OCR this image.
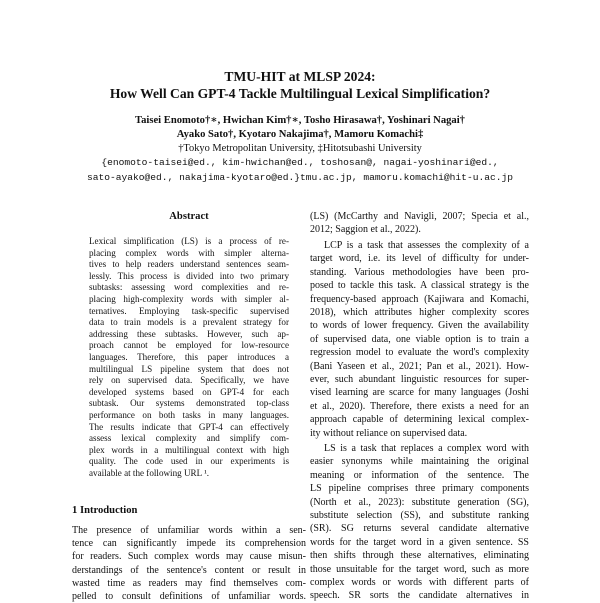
TMU-HIT at MLSP 2024:
How Well Can GPT-4 Tackle Multilingual Lexical Simplification?
Taisei Enomoto†∗, Hwichan Kim†∗, Tosho Hirasawa†, Yoshinari Nagai†
Ayako Sato†, Kyotaro Nakajima†, Mamoru Komachi‡
†Tokyo Metropolitan University, ‡Hitotsubashi University
{enomoto-taisei@ed., kim-hwichan@ed., toshosan@, nagai-yoshinari@ed.,
sato-ayako@ed., nakajima-kyotaro@ed.}tmu.ac.jp, mamoru.komachi@hit-u.ac.jp
Abstract
Lexical simplification (LS) is a process of re-
placing complex words with simpler alterna-
tives to help readers understand sentences seam-
lessly. This process is divided into two primary
subtasks: assessing word complexities and re-
placing high-complexity words with simpler al-
ternatives. Employing task-specific supervised
data to train models is a prevalent strategy for
addressing these subtasks. However, such ap-
proach cannot be employed for low-resource
languages. Therefore, this paper introduces a
multilingual LS pipeline system that does not
rely on supervised data. Specifically, we have
developed systems based on GPT-4 for each
subtask. Our systems demonstrated top-class
performance on both tasks in many languages.
The results indicate that GPT-4 can effectively
assess lexical complexity and simplify com-
plex words in a multilingual context with high
quality. The code used in our experiments is
available at the following URL ¹.
1 Introduction
The presence of unfamiliar words within a sen-
tence can significantly impede its comprehension
for readers. Such complex words may cause misun-
derstandings of the sentence's content or result in
wasted time as readers may find themselves com-
pelled to consult definitions of unfamiliar words.
(LS) (McCarthy and Navigli, 2007; Specia et al.,
2012; Saggion et al., 2022).
LCP is a task that assesses the complexity of a
target word, i.e. its level of difficulty for under-
standing. Various methodologies have been pro-
posed to tackle this task. A classical strategy is the
frequency-based approach (Kajiwara and Komachi,
2018), which attributes higher complexity scores
to words of lower frequency. Given the availability
of supervised data, one viable option is to train a
regression model to evaluate the word's complexity
(Bani Yaseen et al., 2021; Pan et al., 2021). How-
ever, such abundant linguistic resources for super-
vised learning are scarce for many languages (Joshi
et al., 2020). Therefore, there exists a need for an
approach capable of determining lexical complex-
ity without reliance on supervised data.
LS is a task that replaces a complex word with
easier synonyms while maintaining the original
meaning or information of the sentence. The
LS pipeline comprises three primary components
(North et al., 2023): substitute generation (SG),
substitute selection (SS), and substitute ranking
(SR). SG returns several candidate alternative
words for the target word in a given sentence. SS
then shifts through these alternatives, eliminating
those unsuitable for the target word, such as more
complex words or words with different parts of
speech. SR sorts the candidate alternatives in
